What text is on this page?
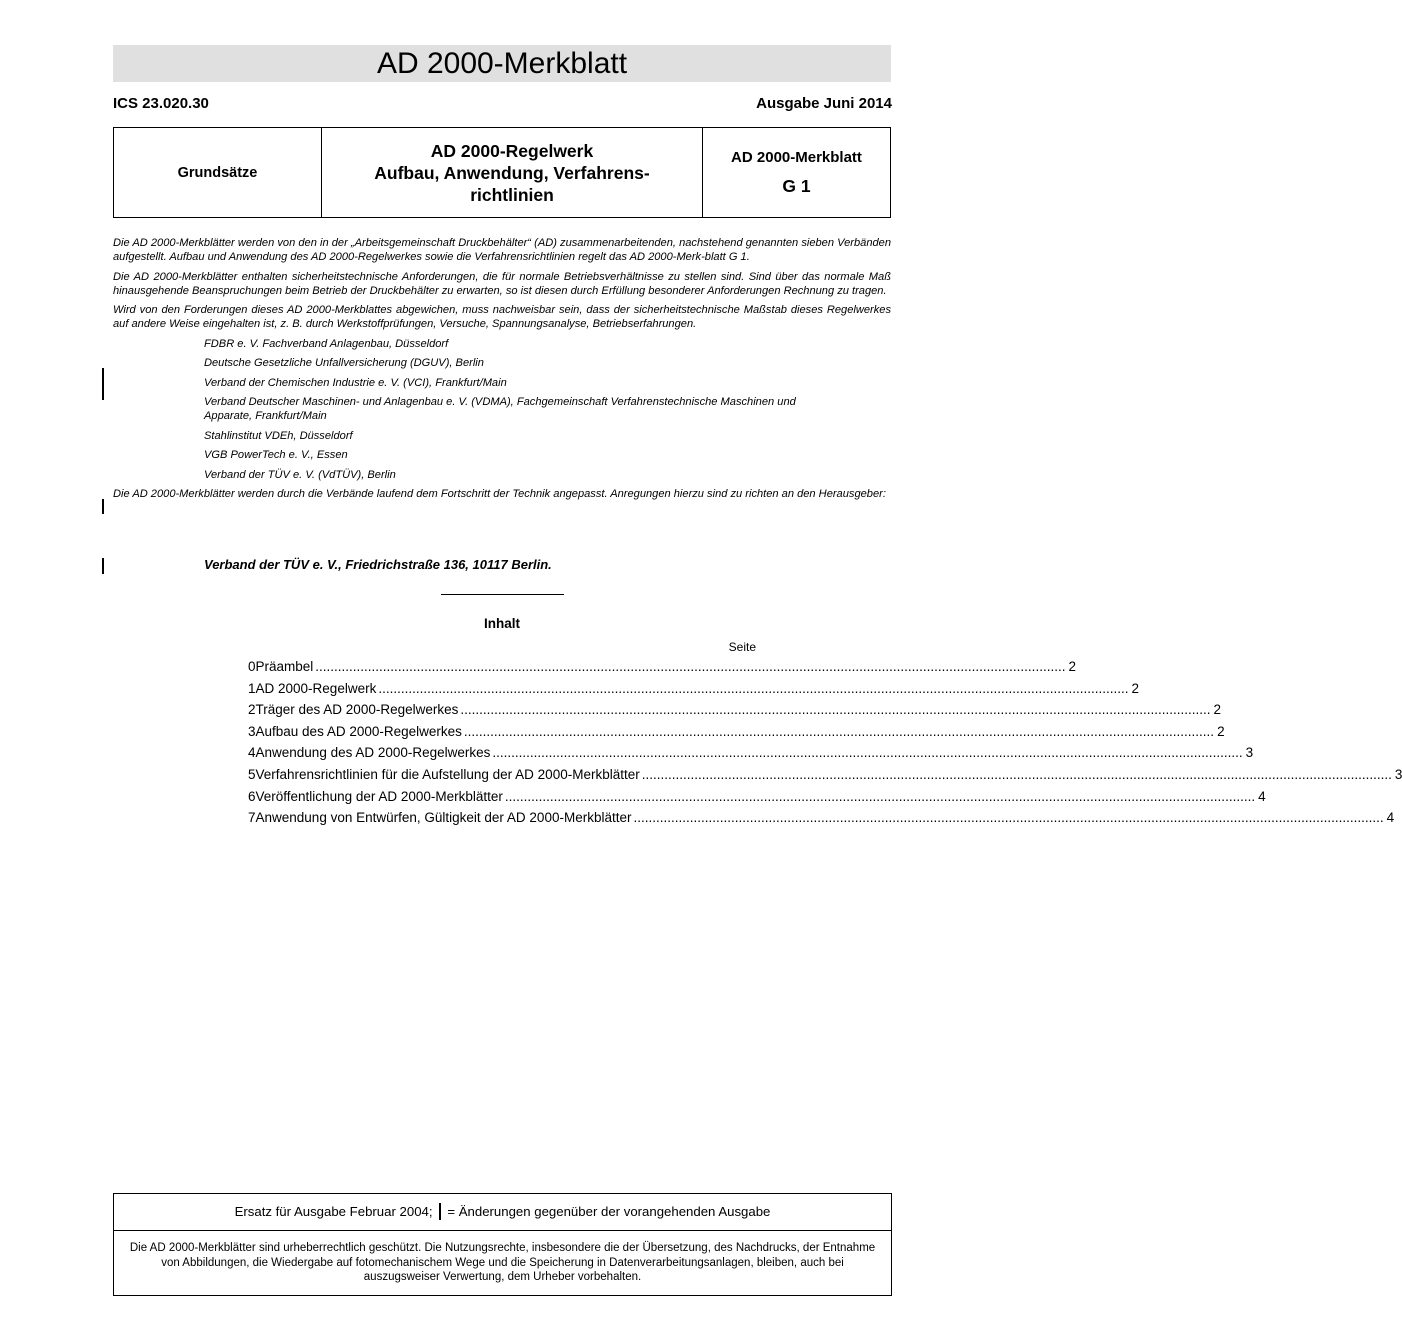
AD 2000-Merkblatt
ICS 23.020.30	Ausgabe Juni 2014
Grundsätze
AD 2000-Regelwerk
Aufbau, Anwendung, Verfahrens-
richtlinien
AD 2000-Merkblatt
G 1

Die AD 2000-Merkblätter werden von den in der „Arbeitsgemeinschaft Druckbehälter“ (AD) zusammenarbeitenden, nachstehend genannten sieben Verbänden aufgestellt. Aufbau und Anwendung des AD 2000-Regelwerkes sowie die Verfahrensrichtlinien regelt das AD 2000-Merk-blatt G 1.

Die AD 2000-Merkblätter enthalten sicherheitstechnische Anforderungen, die für normale Betriebsverhältnisse zu stellen sind. Sind über das normale Maß hinausgehende Beanspruchungen beim Betrieb der Druckbehälter zu erwarten, so ist diesen durch Erfüllung besonderer Anforderungen Rechnung zu tragen.

Wird von den Forderungen dieses AD 2000-Merkblattes abgewichen, muss nachweisbar sein, dass der sicherheitstechnische Maßstab dieses Regelwerkes auf andere Weise eingehalten ist, z. B. durch Werkstoffprüfungen, Versuche, Spannungsanalyse, Betriebserfahrungen.

FDBR e. V. Fachverband Anlagenbau, Düsseldorf
Deutsche Gesetzliche Unfallversicherung (DGUV), Berlin
Verband der Chemischen Industrie e. V. (VCI), Frankfurt/Main
Verband Deutscher Maschinen- und Anlagenbau e. V. (VDMA), Fachgemeinschaft Verfahrenstechnische Maschinen und Apparate, Frankfurt/Main
Stahlinstitut VDEh, Düsseldorf
VGB PowerTech e. V., Essen
Verband der TÜV e. V. (VdTÜV), Berlin

Die AD 2000-Merkblätter werden durch die Verbände laufend dem Fortschritt der Technik angepasst. Anregungen hierzu sind zu richten an den Herausgeber:

Verband der TÜV e. V., Friedrichstraße 136, 10117 Berlin.
Inhalt
Seite
0 Präambel ........................................................................................................................................................................................................ 2
1 AD 2000-Regelwerk ........................................................................................................................................................................................................ 2
2 Träger des AD 2000-Regelwerkes ........................................................................................................................................................................................................ 2
3 Aufbau des AD 2000-Regelwerkes ........................................................................................................................................................................................................ 2
4 Anwendung des AD 2000-Regelwerkes ........................................................................................................................................................................................................ 3
5 Verfahrensrichtlinien für die Aufstellung der AD 2000-Merkblätter ........................................................................................................................................................................................................ 3
6 Veröffentlichung der AD 2000-Merkblätter ........................................................................................................................................................................................................ 4
7 Anwendung von Entwürfen, Gültigkeit der AD 2000-Merkblätter ........................................................................................................................................................................................................ 4
Ersatz für Ausgabe Februar 2004; = Änderungen gegenüber der vorangehenden Ausgabe
Die AD 2000-Merkblätter sind urheberrechtlich geschützt. Die Nutzungsrechte, insbesondere die der Übersetzung, des Nachdrucks, der Entnahme von Abbildungen, die Wiedergabe auf fotomechanischem Wege und die Speicherung in Datenverarbeitungsanlagen, bleiben, auch bei auszugsweiser Verwertung, dem Urheber vorbehalten.
